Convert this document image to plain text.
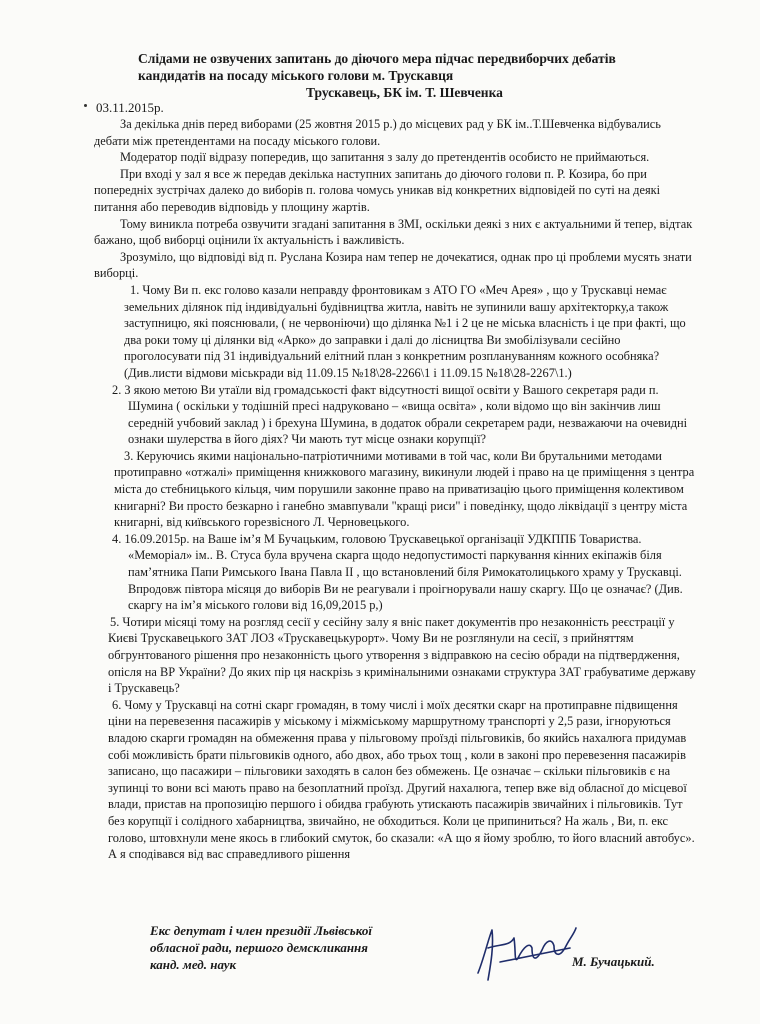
Слідами не озвучених запитань до діючого мера підчас передвиборчих дебатів
кандидатів на посаду міського голови м. Трускавця
Трускавець, БК ім. Т. Шевченка
03.11.2015р.

За декілька днів перед виборами (25 жовтня 2015 р.) до місцевих рад у БК ім..Т.Шевченка відбувались дебати між претендентами на посаду міського голови.

Модератор події відразу попередив, що запитання з залу до претендентів особисто не приймаються.

При вході у зал я все ж передав декілька наступних запитань до діючого голови п. Р. Козира, бо при попередніх зустрічах далеко до виборів п. голова чомусь уникав від конкретних відповідей по суті на деякі питання або переводив відповідь у площину жартів.

Тому виникла потреба озвучити згадані запитання в ЗМІ, оскільки деякі з них є актуальними й тепер, відтак бажано, щоб виборці оцінили їх актуальність і важливість.

Зрозуміло, що відповіді від п. Руслана Козира нам тепер не дочекатися, однак про ці проблеми мусять знати виборці.

1. Чому Ви п. екс голово казали неправду фронтовикам з АТО ГО «Меч Арея» , що у Трускавці немає земельних ділянок під індивідуальні будівництва житла, навіть не зупинили вашу архітекторку,а також заступницю, які пояснювали, ( не червоніючи) що ділянка №1 і 2 це не міська власність і це при факті, що два роки тому ці ділянки від «Арко» до заправки і далі до лісництва Ви змобілізували сесійно проголосувати під 31 індивідуальний елітний план з конкретним розплануванням кожного особняка? (Див.листи відмови міськради від 11.09.15 №18\28-2266\1 і 11.09.15 №18\28-2267\1.)

2. З якою метою Ви утаїли від громадськості факт відсутності вищої освіти у Вашого секретаря ради п. Шумина ( оскільки у тодішній пресі надруковано – «вища освіта» , коли відомо що він закінчив лиш середній учбовий заклад ) і брехуна Шумина, в додаток обрали секретарем ради, незважаючи на очевидні ознаки шулерства в його діях? Чи мають тут місце ознаки корупції?

3. Керуючись якими національно-патріотичними мотивами в той час, коли Ви брутальними методами протиправно «отжалі» приміщення книжкового магазину, викинули людей і право на це приміщення з центра міста до стебницького кільця, чим порушили законне право на приватизацію цього приміщення колективом книгарні? Ви просто безкарно і ганебно змавпували "кращі риси" і поведінку, щодо ліквідації з центру міста книгарні, від київського горезвісного Л. Черновецького.

4. 16.09.2015р. на Ваше ім’я М Бучацьким, головою Трускавецької організації УДКППБ Товариства. «Меморіал» ім.. В. Стуса була вручена скарга щодо недопустимості паркування кінних екіпажів біля пам’ятника Папи Римського Івана Павла ІІ , що встановлений біля Римокатолицького храму у Трускавці. Впродовж півтора місяця до виборів Ви не реагували і проігнорували нашу скаргу. Що це означає? (Див. скаргу на ім’я міського голови від 16,09,2015 р,)

5. Чотири місяці тому на розгляд сесії у сесійну залу я вніс пакет документів про незаконність реєстрації у Києві Трускавецького ЗАТ ЛОЗ «Трускавецькурорт». Чому Ви не розглянули на сесії, з прийняттям обгрунтованого рішення про незаконність цього утворення з відправкою на сесію обради на підтвердження, опісля на ВР України? До яких пір ця наскрізь з криміналыними ознаками структура ЗАТ грабуватиме державу і Трускавець?

6. Чому у Трускавці на сотні скарг громадян, в тому числі і моїх десятки скарг на протиправне підвищення ціни на перевезення пасажирів у міському і міжміському маршрутному транспорті у 2,5 рази, ігноруються владою скарги громадян на обмеження права у пільговому проїзді пільговиків, бо якийсь нахалюга придумав собі можливість брати пільговиків одного, або двох, або трьох тощ , коли в законі про перевезення пасажирів записано, що пасажири – пільговики заходять в салон без обмежень. Це означає – скільки пільговиків є на зупинці то вони всі мають право на безоплатний проїзд. Другий нахалюга, тепер вже від обласної до місцевої влади, пристав на пропозицію першого і обидва грабують утискають пасажирів звичайних і пільговиків. Тут без корупції і солідного хабарництва, звичайно, не обходиться. Коли це припиниться? На жаль , Ви, п. екс голово, штовхнули мене якось в глибокий смуток, бо сказали: «А що я йому зроблю, то його власний автобус». А я сподівався від вас справедливого рішення

Екс депутат і член президії Львівської
обласної ради, першого демскликання
канд. мед. наук	М. Бучацький.
